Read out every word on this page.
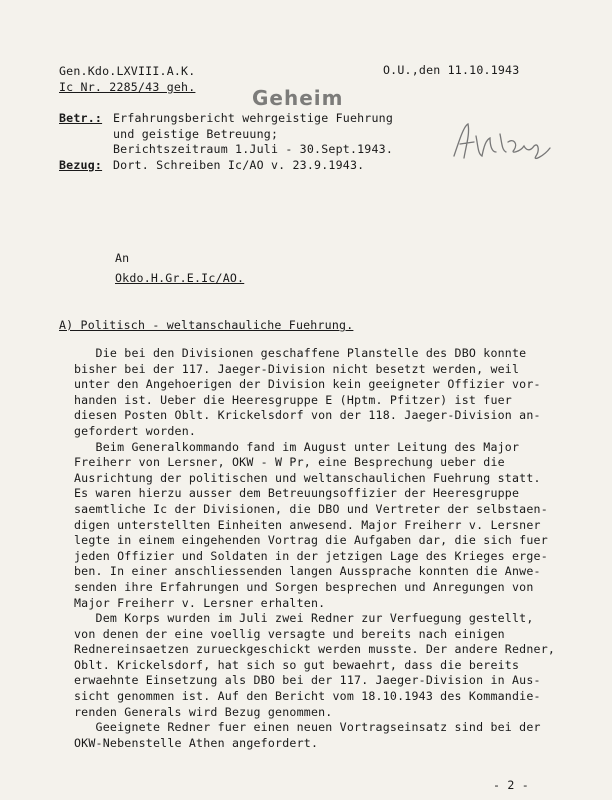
Gen.Kdo.LXVIII.A.K.
Ic Nr. 2285/43 geh.
O.U.,den 11.10.1943
Geheim
Betr.: Erfahrungsbericht wehrgeistige Fuehrung
und geistige Betreuung;
Berichtszeitraum 1.Juli - 30.Sept.1943.
Bezug: Dort. Schreiben Ic/AO v. 23.9.1943.
An
Okdo.H.Gr.E.Ic/AO.
A) Politisch - weltanschauliche Fuehrung.

Die bei den Divisionen geschaffene Planstelle des DBO konnte

bisher bei der 117. Jaeger-Division nicht besetzt werden, weil

unter den Angehoerigen der Division kein geeigneter Offizier vor-

handen ist. Ueber die Heeresgruppe E (Hptm. Pfitzer) ist fuer

diesen Posten Oblt. Krickelsdorf von der 118. Jaeger-Division an-

gefordert worden.

Beim Generalkommando fand im August unter Leitung des Major

Freiherr von Lersner, OKW - W Pr, eine Besprechung ueber die

Ausrichtung der politischen und weltanschaulichen Fuehrung statt.

Es waren hierzu ausser dem Betreuungsoffizier der Heeresgruppe

saemtliche Ic der Divisionen, die DBO und Vertreter der selbstaen-

digen unterstellten Einheiten anwesend. Major Freiherr v. Lersner

legte in einem eingehenden Vortrag die Aufgaben dar, die sich fuer

jeden Offizier und Soldaten in der jetzigen Lage des Krieges erge-

ben. In einer anschliessenden langen Aussprache konnten die Anwe-

senden ihre Erfahrungen und Sorgen besprechen und Anregungen von

Major Freiherr v. Lersner erhalten.

Dem Korps wurden im Juli zwei Redner zur Verfuegung gestellt,

von denen der eine voellig versagte und bereits nach einigen

Rednereinsaetzen zurueckgeschickt werden musste. Der andere Redner,

Oblt. Krickelsdorf, hat sich so gut bewaehrt, dass die bereits

erwaehnte Einsetzung als DBO bei der 117. Jaeger-Division in Aus-

sicht genommen ist. Auf den Bericht vom 18.10.1943 des Kommandie-

renden Generals wird Bezug genommen.

Geeignete Redner fuer einen neuen Vortragseinsatz sind bei der

OKW-Nebenstelle Athen angefordert.

- 2 -
